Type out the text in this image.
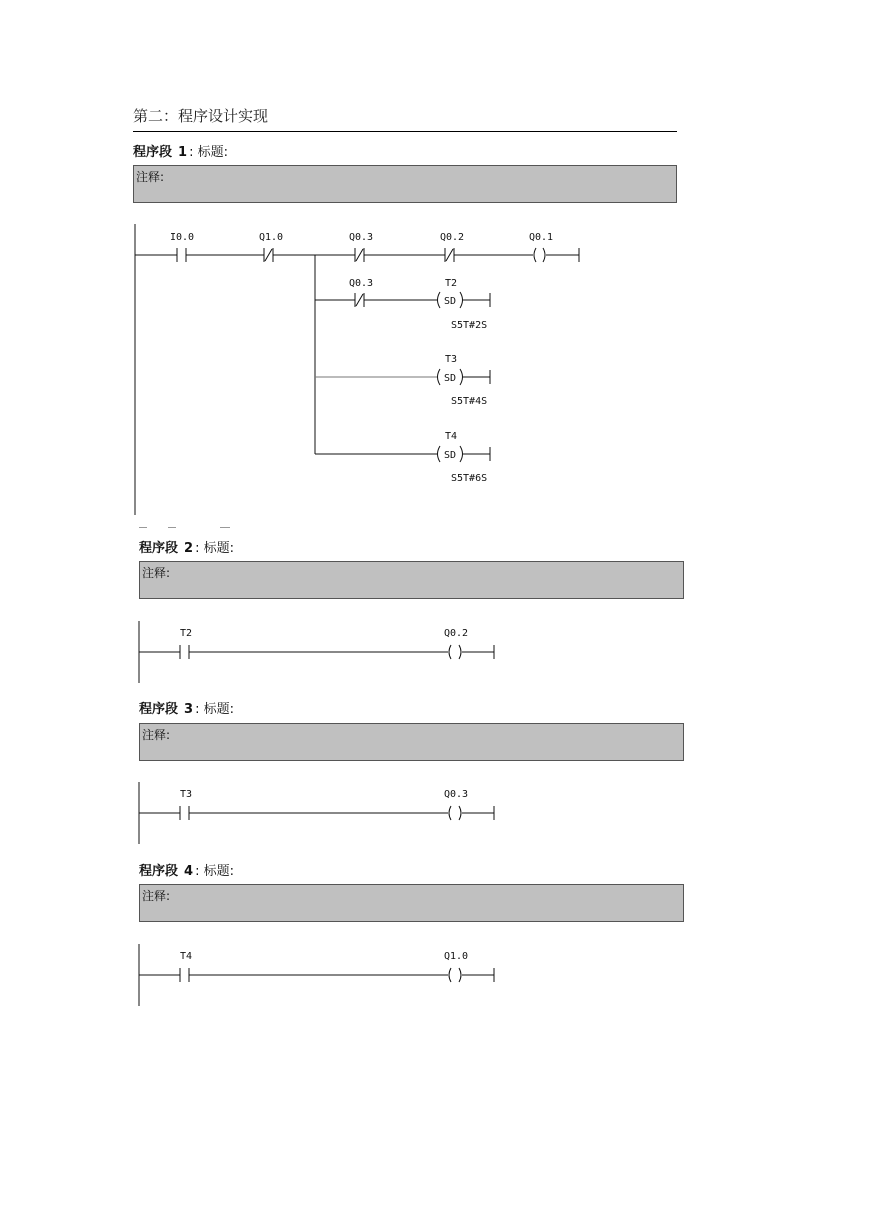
第二：程序设计实现
程序段 1 : 标题:
注释:
程序段 2 : 标题:
注释:
程序段 3 : 标题:
注释:
程序段 4 : 标题:
注释:
I0.0	Q1.0	Q0.3	Q0.2	Q0.1
Q0.3	T2
SD
S5T#2S
T3
SD
S5T#4S
T4
SD
S5T#6S
T2	Q0.2
T3	Q0.3
T4	Q1.0
